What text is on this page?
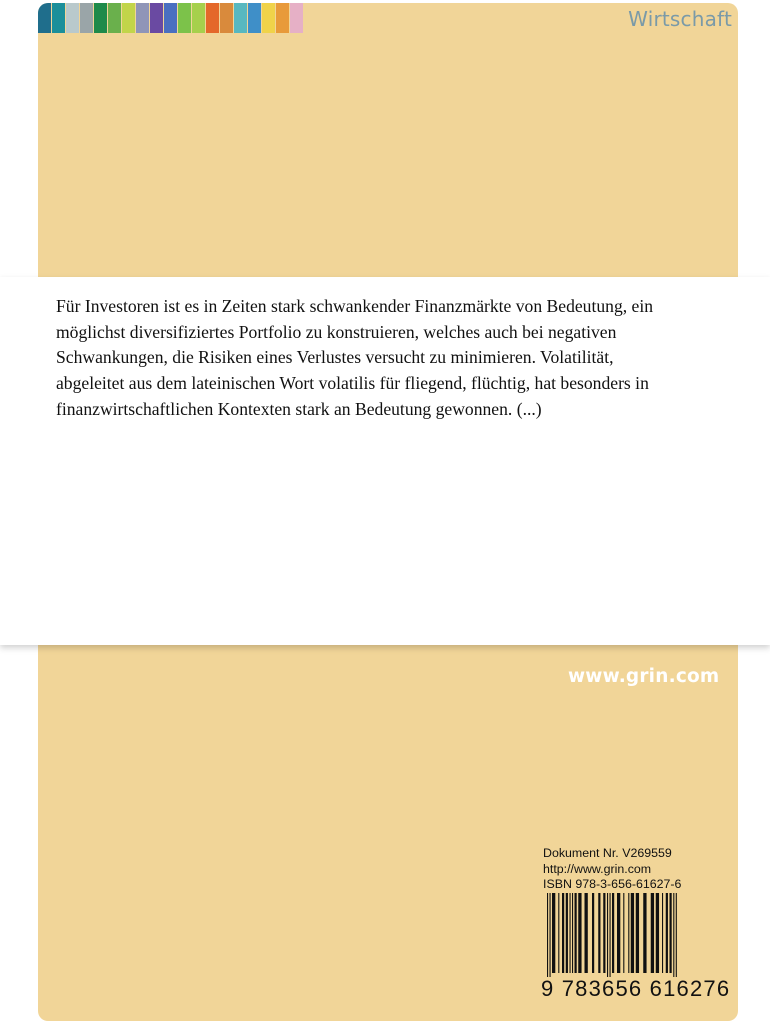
Wirtschaft

Für Investoren ist es in Zeiten stark schwankender Finanzmärkte von Bedeutung, ein möglichst diversifiziertes Portfolio zu konstruieren, welches auch bei negativen Schwankungen, die Risiken eines Verlustes versucht zu minimieren. Volatilität, abgeleitet aus dem lateinischen Wort volatilis für fliegend, flüchtig, hat besonders in finanzwirtschaftlichen Kontexten stark an Bedeutung gewonnen. (...)

www.grin.com
Dokument Nr. V269559
http://www.grin.com
ISBN 978-3-656-61627-6
9 783656 616276
